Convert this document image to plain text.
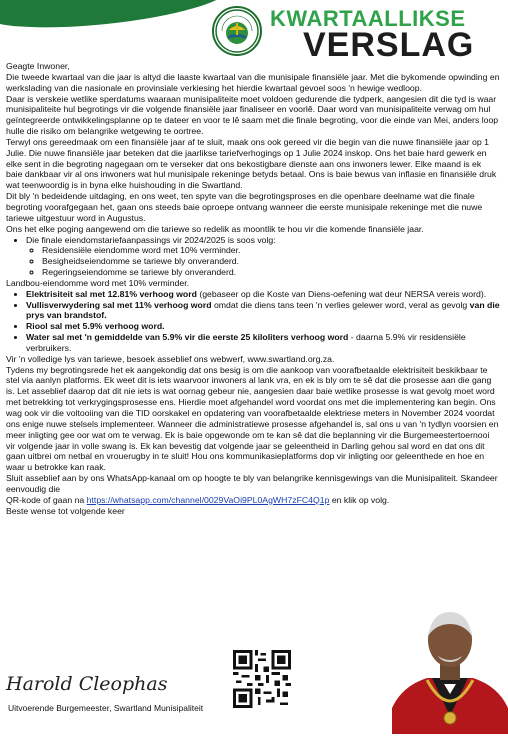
KWARTAALLIKSE
VERSLAG

Geagte Inwoner,

Die tweede kwartaal van die jaar is altyd die laaste kwartaal van die munisipale finansiële jaar. Met die bykomende opwinding en werkslading van die nasionale en provinsiale verkiesing het hierdie kwartaal gevoel soos 'n hewige wedloop.

Daar is verskeie wetlike sperdatums waaraan munisipaliteite moet voldoen gedurende die tydperk, aangesien dit die tyd is waar munisipaliteite hul begrotings vir die volgende finansiële jaar finaliseer en voorlê. Daar word van munisipaliteite verwag om hul geïntegreerde ontwikkelingsplanne op te dateer en voor te lê saam met die finale begroting, voor die einde van Mei, anders loop hulle die risiko om belangrike wetgewing te oortree.

Terwyl ons gereedmaak om een finansiële jaar af te sluit, maak ons ook gereed vir die begin van die nuwe finansiële jaar op 1 Julie. Die nuwe finansiële jaar beteken dat die jaarlikse tariefverhogings op 1 Julie 2024 inskop. Ons het baie hard gewerk en elke sent in die begroting nagegaan om te verseker dat ons bekostigbare dienste aan ons inwoners lewer. Elke maand is ek baie dankbaar vir al ons inwoners wat hul munisipale rekeninge betyds betaal. Ons is baie bewus van inflasie en finansiële druk wat teenwoordig is in byna elke huishouding in die Swartland.

Dit bly 'n bedeidende uitdaging, en ons weet, ten spyte van die begrotingsproses en die openbare deelname wat die finale begroting voorafgegaan het, gaan ons steeds baie oproepe ontvang wanneer die eerste munisipale rekeninge met die nuwe tariewe uitgestuur word in Augustus.

Ons het elke poging aangewend om die tariewe so redelik as moontlik te hou vir die komende finansiële jaar.

• Die finale eiendomstariefaanpassings vir 2024/2025 is soos volg:
◦ Residensiële eiendomme word met 10% verminder.
◦ Besigheidseiendomme se tariewe bly onveranderd.
◦ Regeringseiendomme se tariewe bly onveranderd.

Landbou-eiendomme word met 10% verminder.

• Elektrisiteit sal met 12.81% verhoog word (gebaseer op die Koste van Diens-oefening wat deur NERSA vereis word).
• Vullisverwydering sal met 11% verhoog word omdat die diens tans teen 'n verlies gelewer word, veral as gevolg van die prys van brandstof.
• Riool sal met 5.9% verhoog word.
• Water sal met 'n gemiddelde van 5.9% vir die eerste 25 kiloliters verhoog word - daarna 5.9% vir residensiële verbruikers.

Vir 'n volledige lys van tariewe, besoek asseblief ons webwerf, www.swartland.org.za.

Tydens my begrotingsrede het ek aangekondig dat ons besig is om die aankoop van voorafbetaalde elektrisiteit beskikbaar te stel via aanlyn platforms. Ek weet dit is iets waarvoor inwoners al lank vra, en ek is bly om te sê dat die prosesse aan die gang is. Let asseblief daarop dat dit nie iets is wat oornag gebeur nie, aangesien daar baie wetlike prosesse is wat gevolg moet word met betrekking tot verkrygingsprosesse ens. Hierdie moet afgehandel word voordat ons met die implementering kan begin. Ons wag ook vir die voltooiing van die TID oorskakel en opdatering van voorafbetaalde elektriese meters in November 2024 voordat ons enige nuwe stelsels implementeer. Wanneer die administratiewe prosesse afgehandel is, sal ons u van 'n tydlyn voorsien en meer inligting gee oor wat om te verwag. Ek is baie opgewonde om te kan sê dat die beplanning vir die Burgemeestertoernooi vir volgende jaar in volle swang is. Ek kan bevestig dat volgende jaar se geleentheid in Darling gehou sal word en dat ons dit gaan uitbrei om netbal en vrouerugby in te sluit! Hou ons kommunikasieplatforms dop vir inligting oor geleenthede en hoe en waar u betrokke kan raak.

Sluit asseblief aan by ons WhatsApp-kanaal om op hoogte te bly van belangrike kennisgewings van die Munisipaliteit. Skandeer eenvoudig die

QR-kode of gaan na https://whatsapp.com/channel/0029VaOi9PL0AgWH7zFC4Q1p en klik op volg.

Beste wense tot volgende keer

Harold Cleophas
Uitvoerende Burgemeester, Swartland Munisipaliteit
